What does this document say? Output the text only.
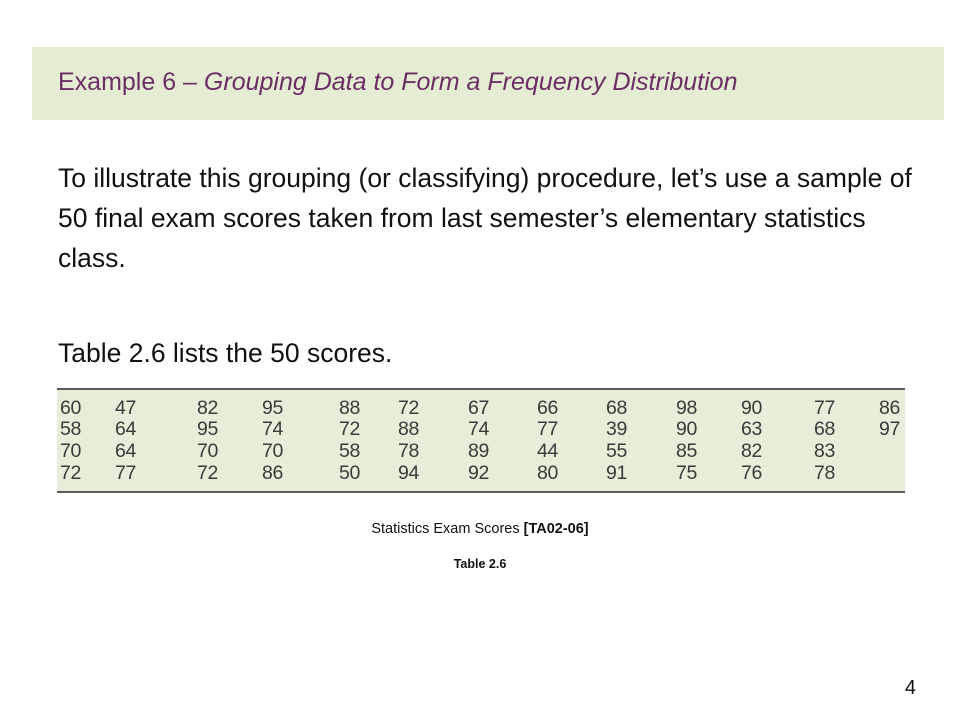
Example 6 – Grouping Data to Form a Frequency Distribution

To illustrate this grouping (or classifying) procedure, let’s use a sample of 50 final exam scores taken from last semester’s elementary statistics class.

Table 2.6 lists the 50 scores.
60 47	82 95	88 72	67 66 68	98 90	77 86
58 64	95 74	72 88	74 77 39	90 63	68 97
70 64	70 70	58 78	89 44 55	85 82	83
72 77	72 86	50 94	92 80 91	75 76	78
Statistics Exam Scores [TA02-06]
Table 2.6
4
